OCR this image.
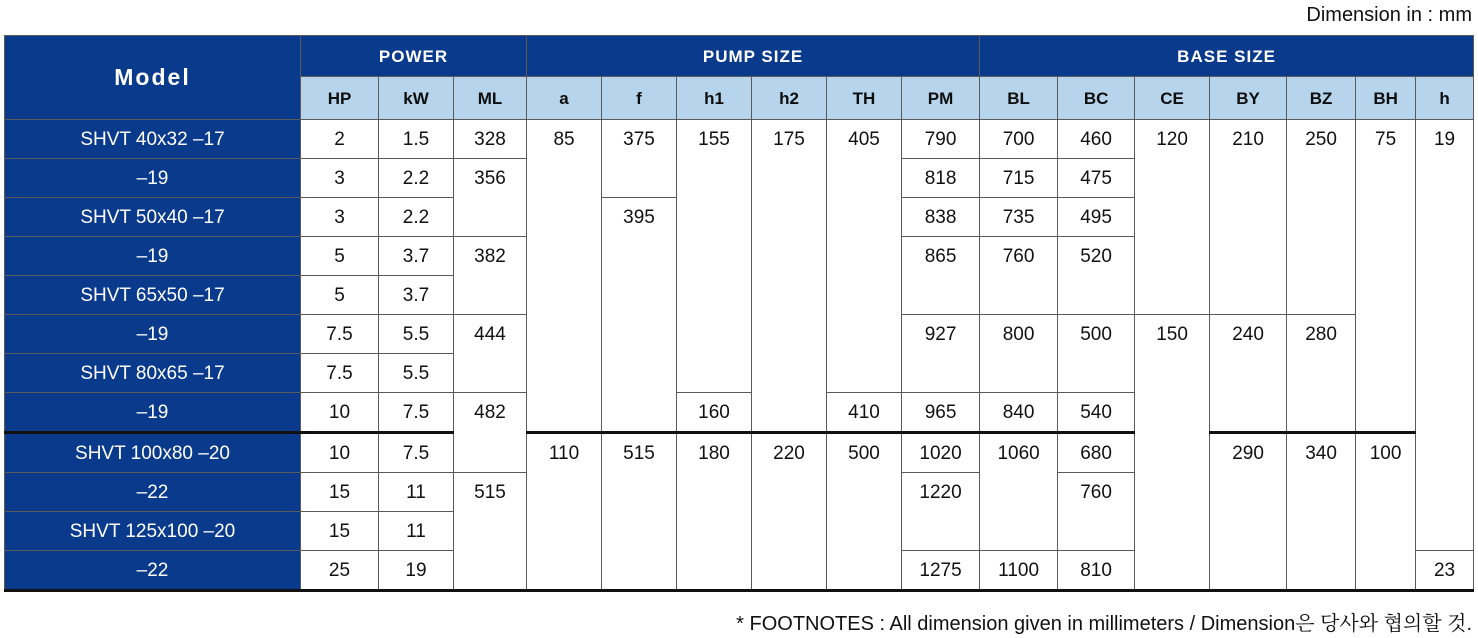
Dimension in : mm
Model	POWER			PUMP SIZE						BASE SIZE						
	HP	kW	ML	a	f	h1	h2	TH	PM	BL	BC	CE	BY	BZ	BH	h
SHVT 40x32 –17	2	1.5	328	85	375	155	175	405	790	700	460	120	210	250	75	19
–19	3	2.2	356						818	715	475					
SHVT 50x40 –17	3	2.2			395				838	735	495					
–19	5	3.7	382						865	760	520					
SHVT 65x50 –17	5	3.7														
–19	7.5	5.5	444						927	800	500	150	240	280		
SHVT 80x65 –17	7.5	5.5														
–19	10	7.5	482			160		410	965	840	540					
SHVT 100x80 –20	10	7.5		110	515	180	220	500	1020	1060	680		290	340	100	
–22	15	11	515						1220		760					
SHVT 125x100 –20	15	11														
–22	25	19							1275	1100	810					23
* FOOTNOTES : All dimension given in millimeters / Dimension은 당사와 협의할 것.
